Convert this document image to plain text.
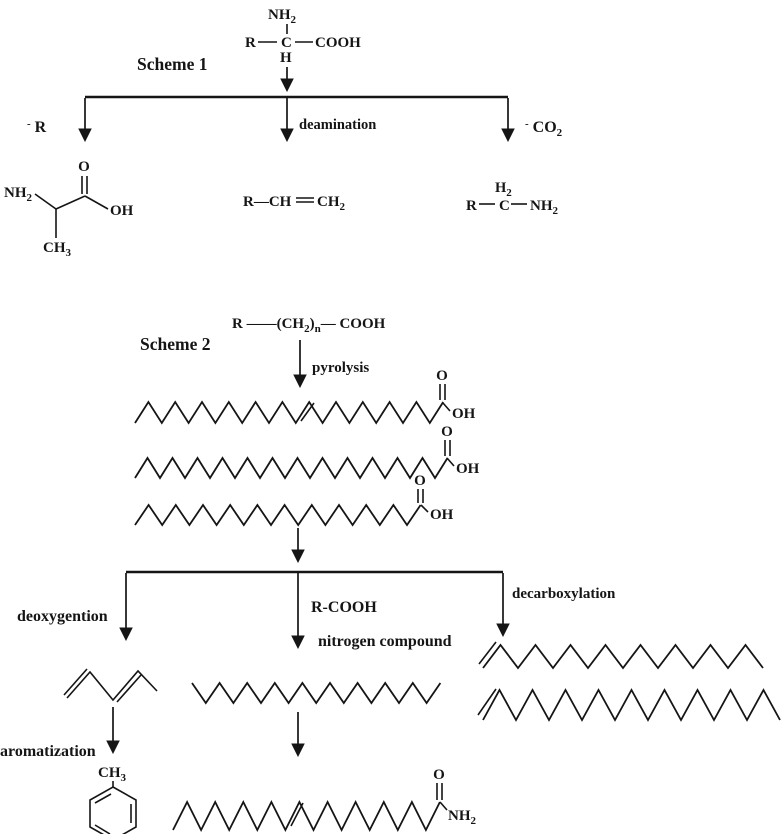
Scheme 1
$NH_2$
R C COOH
H
- R	deamination	- $CO_2$
$NH_2$
O
OH
$CH_3$
R—CH $CH_2$	R C
$H_2$
$NH_2$
Scheme 2
R $——(CH_2)_n—$ COOH
pyrolysis	O
OH
O
OH
O
OH
deoxygention
R-COOH
nitrogen compound
decarboxylation
aromatization
$CH_3$	O
$NH_2$
